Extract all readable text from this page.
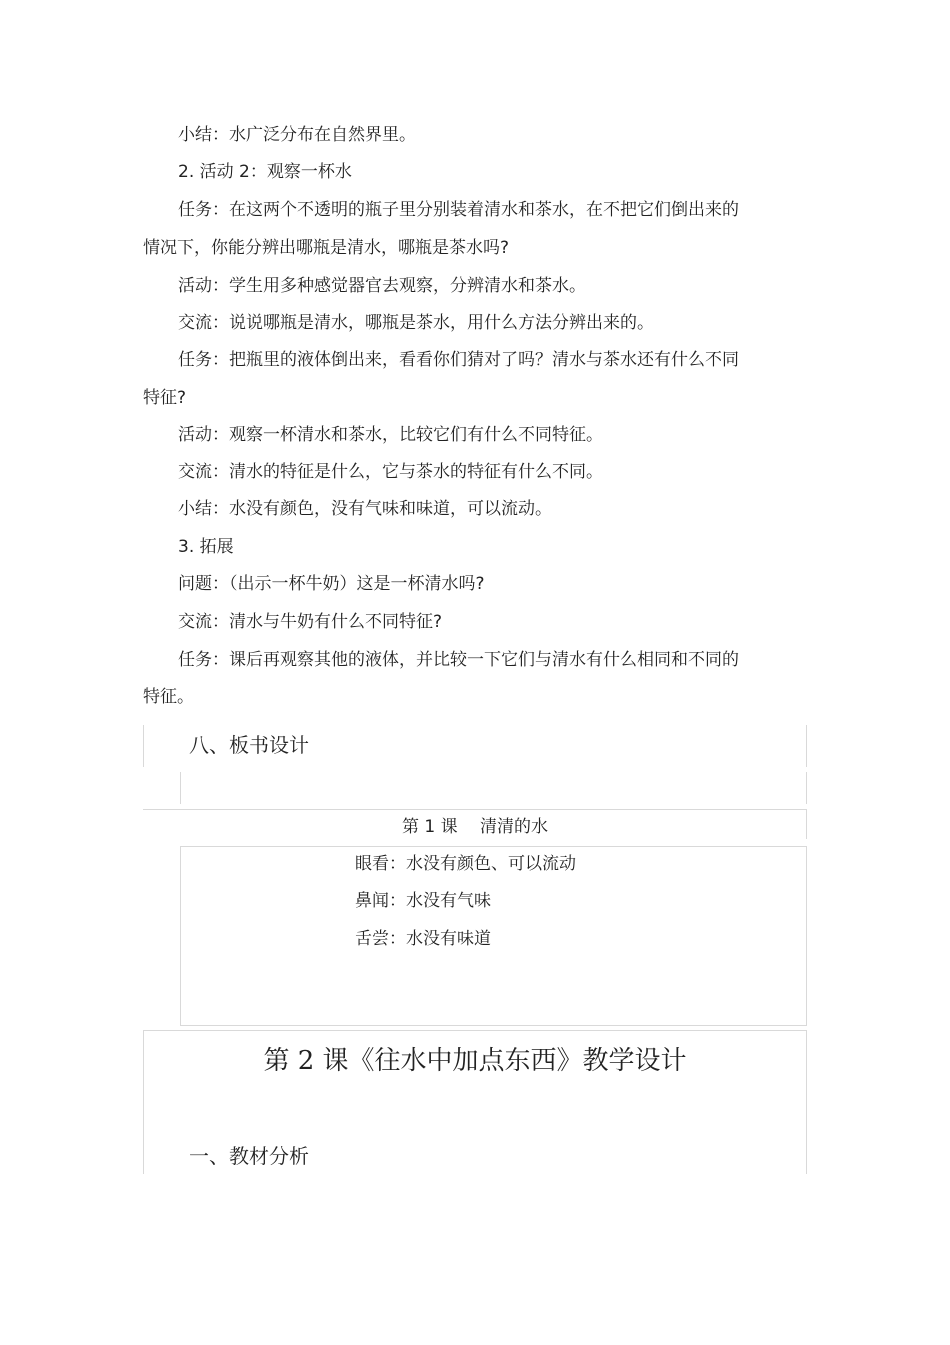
小结：水广泛分布在自然界里。
2. 活动 2：观察一杯水
任务：在这两个不透明的瓶子里分别装着清水和茶水，在不把它们倒出来的
情况下，你能分辨出哪瓶是清水，哪瓶是茶水吗?
活动：学生用多种感觉器官去观察，分辨清水和茶水。
交流：说说哪瓶是清水，哪瓶是茶水，用什么方法分辨出来的。
任务：把瓶里的液体倒出来，看看你们猜对了吗？清水与茶水还有什么不同
特征?
活动：观察一杯清水和茶水，比较它们有什么不同特征。
交流：清水的特征是什么，它与茶水的特征有什么不同。
小结：水没有颜色，没有气味和味道，可以流动。
3. 拓展
问题：（出示一杯牛奶）这是一杯清水吗?
交流：清水与牛奶有什么不同特征?
任务：课后再观察其他的液体，并比较一下它们与清水有什么相同和不同的
特征。
八、板书设计
第 1 课　 清清的水
眼看：水没有颜色、可以流动
鼻闻：水没有气味
舌尝：水没有味道
第 2 课《往水中加点东西》教学设计
一、教材分析
